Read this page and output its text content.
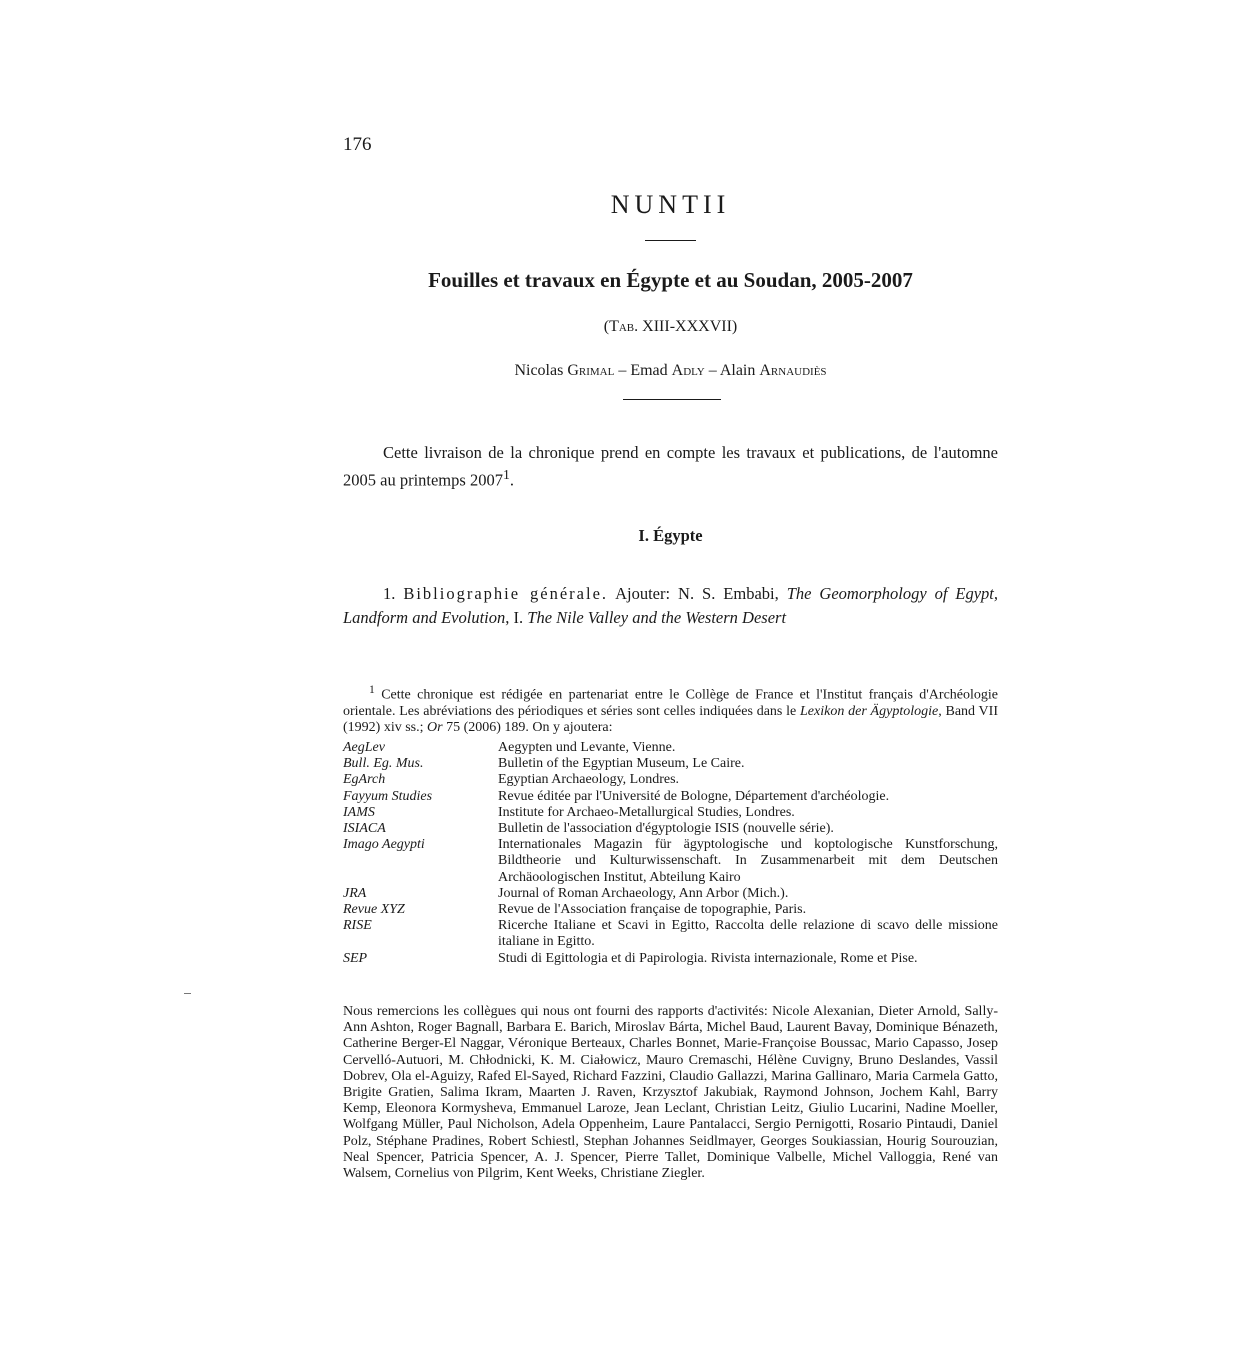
176
NUNTII
Fouilles et travaux en Égypte et au Soudan, 2005-2007
(Tab. XIII-XXXVII)
Nicolas Grimal – Emad Adly – Alain Arnaudiès

Cette livraison de la chronique prend en compte les travaux et publications, de l'automne 2005 au printemps 2007$^1$.

I. Égypte

1. Bibliographie générale. Ajouter: N. S. Embabi, The Geomorphology of Egypt, Landform and Evolution, I. The Nile Valley and the Western Desert

$^1$ Cette chronique est rédigée en partenariat entre le Collège de France et l'Institut français d'Archéologie orientale. Les abréviations des périodiques et séries sont celles indiquées dans le Lexikon der Ägyptologie, Band VII (1992) xiv ss.; Or 75 (2006) 189. On y ajoutera:

AegLev	Aegypten und Levante, Vienne.
Bull. Eg. Mus.	Bulletin of the Egyptian Museum, Le Caire.
EgArch	Egyptian Archaeology, Londres.
Fayyum Studies	Revue éditée par l'Université de Bologne, Département d'archéologie.
IAMS	Institute for Archaeo-Metallurgical Studies, Londres.
ISIACA	Bulletin de l'association d'égyptologie ISIS (nouvelle série).
Imago Aegypti	Internationales Magazin für ägyptologische und koptologische Kunstforschung, Bildtheorie und Kulturwissenschaft. In Zusammenarbeit mit dem Deutschen Archäoologischen Institut, Abteilung Kairo
JRA	Journal of Roman Archaeology, Ann Arbor (Mich.).
Revue XYZ	Revue de l'Association française de topographie, Paris.
RISE	Ricerche Italiane et Scavi in Egitto, Raccolta delle relazione di scavo delle missione italiane in Egitto.
SEP	Studi di Egittologia et di Papirologia. Rivista internazionale, Rome et Pise.

Nous remercions les collègues qui nous ont fourni des rapports d'activités: Nicole Alexanian, Dieter Arnold, Sally-Ann Ashton, Roger Bagnall, Barbara E. Barich, Miroslav Bárta, Michel Baud, Laurent Bavay, Dominique Bénazeth, Catherine Berger-El Naggar, Véronique Berteaux, Charles Bonnet, Marie-Françoise Boussac, Mario Capasso, Josep Cervelló-Autuori, M. Chłodnicki, K. M. Ciałowicz, Mauro Cremaschi, Hélène Cuvigny, Bruno Deslandes, Vassil Dobrev, Ola el-Aguizy, Rafed El-Sayed, Richard Fazzini, Claudio Gallazzi, Marina Gallinaro, Maria Carmela Gatto, Brigite Gratien, Salima Ikram, Maarten J. Raven, Krzysztof Jakubiak, Raymond Johnson, Jochem Kahl, Barry Kemp, Eleonora Kormysheva, Emmanuel Laroze, Jean Leclant, Christian Leitz, Giulio Lucarini, Nadine Moeller, Wolfgang Müller, Paul Nicholson, Adela Oppenheim, Laure Pantalacci, Sergio Pernigotti, Rosario Pintaudi, Daniel Polz, Stéphane Pradines, Robert Schiestl, Stephan Johannes Seidlmayer, Georges Soukiassian, Hourig Sourouzian, Neal Spencer, Patricia Spencer, A. J. Spencer, Pierre Tallet, Dominique Valbelle, Michel Valloggia, René van Walsem, Cornelius von Pilgrim, Kent Weeks, Christiane Ziegler.
